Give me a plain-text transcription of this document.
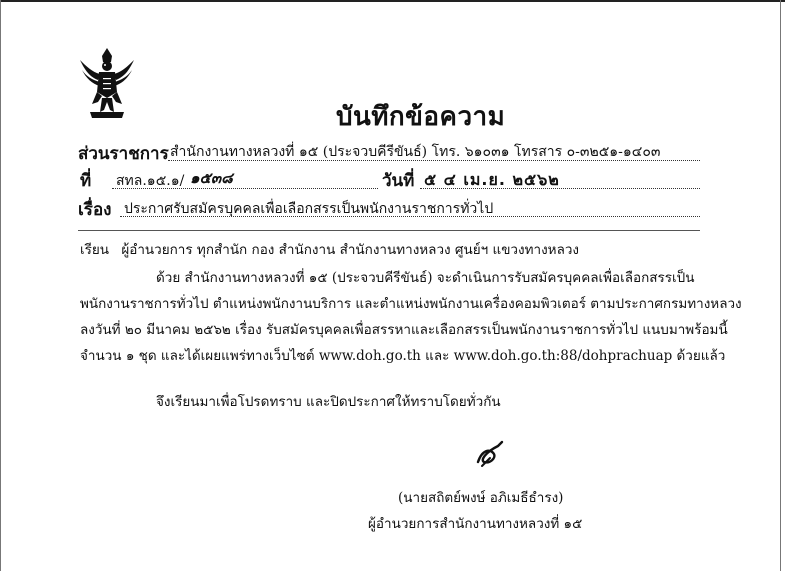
บันทึกข้อความ
ส่วนราชการ สำนักงานทางหลวงที่ ๑๕ (ประจวบคีรีขันธ์) โทร. ๖๑๐๓๑ โทรสาร ๐-๓๒๕๑-๑๔๐๓
ที่ สทล.๑๕.๑/ ๑๕๓๘	วันที่ ๕ ๔ เม.ย. ๒๕๖๒
เรื่อง ประกาศรับสมัครบุคคลเพื่อเลือกสรรเป็นพนักงานราชการทั่วไป
เรียน ผู้อำนวยการ ทุกสำนัก กอง สำนักงาน สำนักงานทางหลวง ศูนย์ฯ แขวงทางหลวง
ด้วย สำนักงานทางหลวงที่ ๑๕ (ประจวบคีรีขันธ์) จะดำเนินการรับสมัครบุคคลเพื่อเลือกสรรเป็น
พนักงานราชการทั่วไป ตำแหน่งพนักงานบริการ และตำแหน่งพนักงานเครื่องคอมพิวเตอร์ ตามประกาศกรมทางหลวง
ลงวันที่ ๒๐ มีนาคม ๒๕๖๒ เรื่อง รับสมัครบุคคลเพื่อสรรหาและเลือกสรรเป็นพนักงานราชการทั่วไป แนบมาพร้อมนี้
จำนวน ๑ ชุด และได้เผยแพร่ทางเว็บไซต์ www.doh.go.th และ www.doh.go.th:88/dohprachuap ด้วยแล้ว
จึงเรียนมาเพื่อโปรดทราบ และปิดประกาศให้ทราบโดยทั่วกัน
(นายสถิตย์พงษ์ อภิเมธีธำรง)
ผู้อำนวยการสำนักงานทางหลวงที่ ๑๕
